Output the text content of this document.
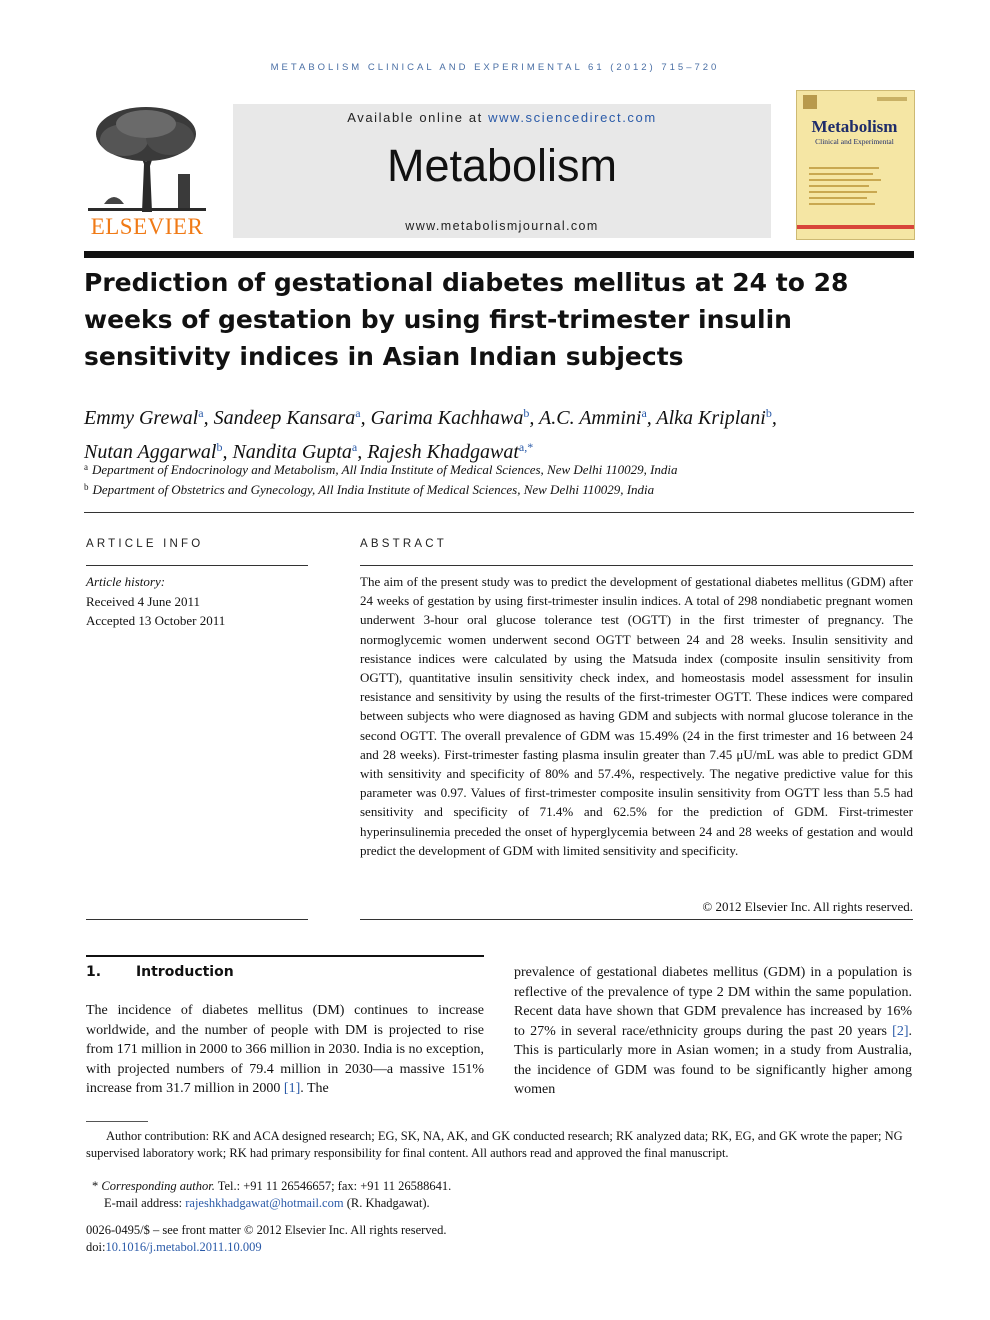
METABOLISM CLINICAL AND EXPERIMENTAL 61 (2012) 715–720
ELSEVIER
Available online at www.sciencedirect.com
Metabolism
www.metabolismjournal.com
Metabolism
Clinical and Experimental
Prediction of gestational diabetes mellitus at 24 to 28 weeks of gestation by using first-trimester insulin sensitivity indices in Asian Indian subjects
Emmy Grewal$^a$, Sandeep Kansara$^a$, Garima Kachhawa$^b$, A.C. Ammini$^a$, Alka Kriplani$^b$,
Nutan Aggarwal$^b$, Nandita Gupta$^a$, Rajesh Khadgawat$^{a,*}$
$^a$ Department of Endocrinology and Metabolism, All India Institute of Medical Sciences, New Delhi 110029, India
$^b$ Department of Obstetrics and Gynecology, All India Institute of Medical Sciences, New Delhi 110029, India
ARTICLE INFO
Article history:
Received 4 June 2011
Accepted 13 October 2011
ABSTRACT
The aim of the present study was to predict the development of gestational diabetes mellitus (GDM) after 24 weeks of gestation by using first-trimester insulin indices. A total of 298 nondiabetic pregnant women underwent 3-hour oral glucose tolerance test (OGTT) in the first trimester of pregnancy. The normoglycemic women underwent second OGTT between 24 and 28 weeks. Insulin sensitivity and resistance indices were calculated by using the Matsuda index (composite insulin sensitivity from OGTT), quantitative insulin sensitivity check index, and homeostasis model assessment for insulin resistance and sensitivity by using the results of the first-trimester OGTT. These indices were compared between subjects who were diagnosed as having GDM and subjects with normal glucose tolerance in the second OGTT. The overall prevalence of GDM was 15.49% (24 in the first trimester and 16 between 24 and 28 weeks). First-trimester fasting plasma insulin greater than 7.45 μU/mL was able to predict GDM with sensitivity and specificity of 80% and 57.4%, respectively. The negative predictive value for this parameter was 0.97. Values of first-trimester composite insulin sensitivity from OGTT less than 5.5 had sensitivity and specificity of 71.4% and 62.5% for the prediction of GDM. First-trimester hyperinsulinemia preceded the onset of hyperglycemia between 24 and 28 weeks of gestation and would predict the development of GDM with limited sensitivity and specificity.
© 2012 Elsevier Inc. All rights reserved.
1. Introduction
The incidence of diabetes mellitus (DM) continues to increase worldwide, and the number of people with DM is projected to rise from 171 million in 2000 to 366 million in 2030. India is no exception, with projected numbers of 79.4 million in 2030—a massive 151% increase from 31.7 million in 2000 [1]. The
prevalence of gestational diabetes mellitus (GDM) in a population is reflective of the prevalence of type 2 DM within the same population. Recent data have shown that GDM prevalence has increased by 16% to 27% in several race/ethnicity groups during the past 20 years [2]. This is particularly more in Asian women; in a study from Australia, the incidence of GDM was found to be significantly higher among women
Author contribution: RK and ACA designed research; EG, SK, NA, AK, and GK conducted research; RK analyzed data; RK, EG, and GK wrote the paper; NG supervised laboratory work; RK had primary responsibility for final content. All authors read and approved the final manuscript.
* Corresponding author. Tel.: +91 11 26546657; fax: +91 11 26588641.
E-mail address: rajeshkhadgawat@hotmail.com (R. Khadgawat).
0026-0495/$ – see front matter © 2012 Elsevier Inc. All rights reserved.
doi:10.1016/j.metabol.2011.10.009
